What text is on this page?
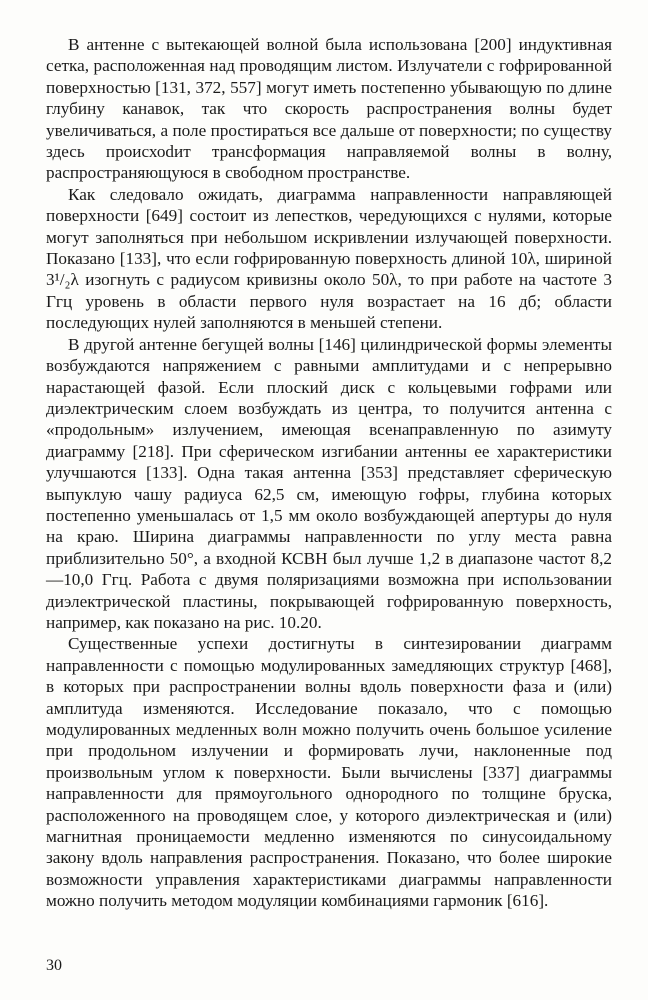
В антенне с вытекающей волной была использована [200] индуктивная сетка, расположенная над проводящим листом. Излучатели с гофрированной поверхностью [131, 372, 557] могут иметь постепенно убывающую по длине глубину канавок, так что скорость распространения волны будет увеличиваться, а поле простираться все дальше от поверхности; по существу здесь происхоdит трансформация направляемой волны в волну, распространяющуюся в свободном пространстве.

Как следовало ожидать, диаграмма направленности направляющей поверхности [649] состоит из лепестков, чередующихся с нулями, которые могут заполняться при небольшом искривлении излучающей поверхности. Показано [133], что если гофрированную поверхность длиной 10λ, шириной 3¹/₂λ изогнуть с радиусом кривизны около 50λ, то при работе на частоте 3 Ггц уровень в области первого нуля возрастает на 16 дб; области последующих нулей заполняются в меньшей степени.

В другой антенне бегущей волны [146] цилиндрической формы элементы возбуждаются напряжением с равными амплитудами и с непрерывно нарастающей фазой. Если плоский диск с кольцевыми гофрами или диэлектрическим слоем возбуждать из центра, то получится антенна с «продольным» излучением, имеющая всенаправленную по азимуту диаграмму [218]. При сферическом изгибании антенны ее характеристики улучшаются [133]. Одна такая антенна [353] представляет сферическую выпуклую чашу радиуса 62,5 см, имеющую гофры, глубина которых постепенно уменьшалась от 1,5 мм около возбуждающей апертуры до нуля на краю. Ширина диаграммы направленности по углу места равна приблизительно 50°, а входной КСВН был лучше 1,2 в диапазоне частот 8,2—10,0 Ггц. Работа с двумя поляризациями возможна при использовании диэлектрической пластины, покрывающей гофрированную поверхность, например, как показано на рис. 10.20.

Существенные успехи достигнуты в синтезировании диаграмм направленности с помощью модулированных замедляющих структур [468], в которых при распространении волны вдоль поверхности фаза и (или) амплитуда изменяются. Исследование показало, что с помощью модулированных медленных волн можно получить очень большое усиление при продольном излучении и формировать лучи, наклоненные под произвольным углом к поверхности. Были вычислены [337] диаграммы направленности для прямоугольного однородного по толщине бруска, расположенного на проводящем слое, у которого диэлектрическая и (или) магнитная проницаемости медленно изменяются по синусоидальному закону вдоль направления распространения. Показано, что более широкие возможности управления характеристиками диаграммы направленности можно получить методом модуляции комбинациями гармоник [616].

30
